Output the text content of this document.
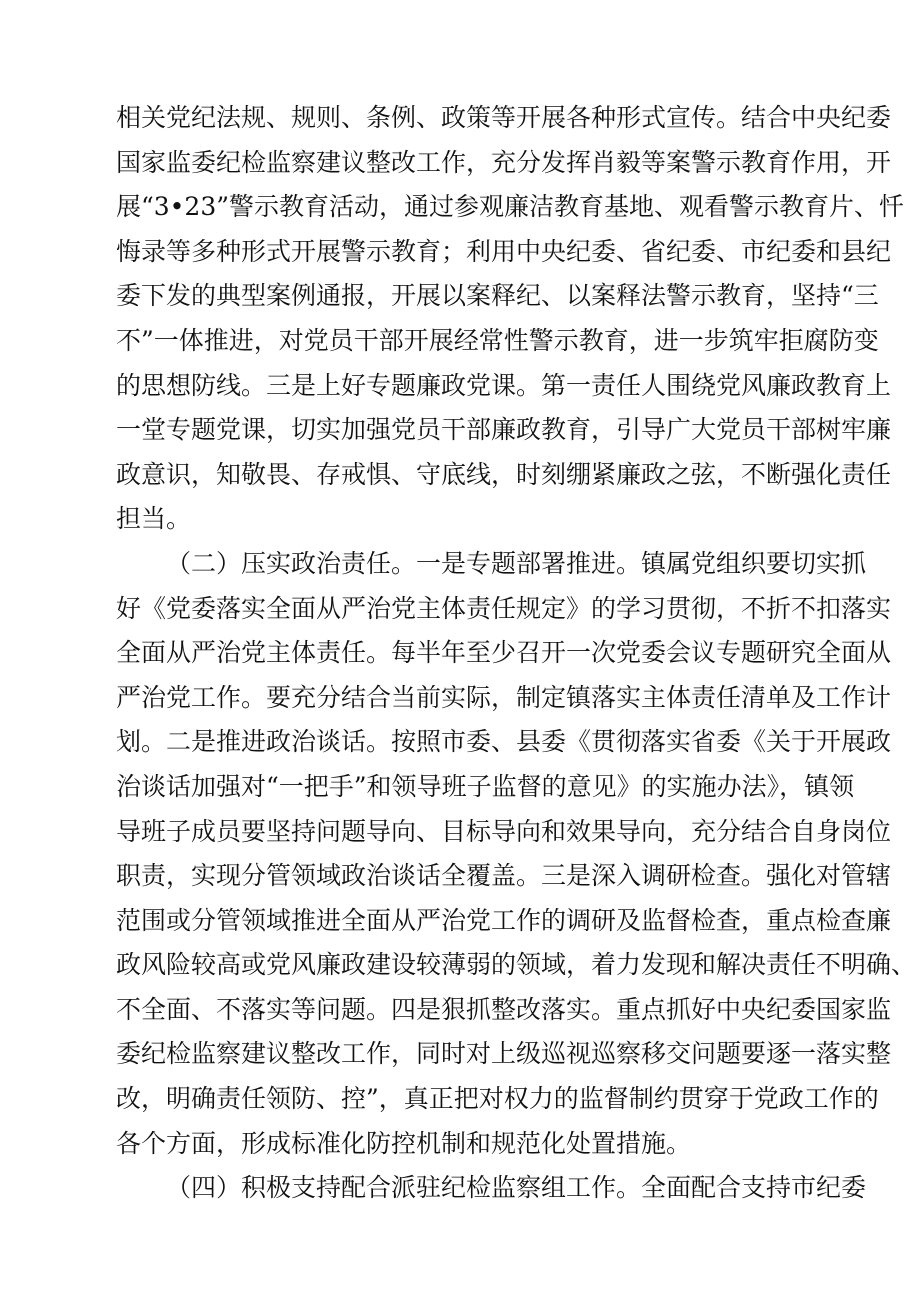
相关党纪法规、规则、条例、政策等开展各种形式宣传。结合中央纪委
国家监委纪检监察建议整改工作，充分发挥肖毅等案警示教育作用，开
展“3•23”警示教育活动，通过参观廉洁教育基地、观看警示教育片、忏
悔录等多种形式开展警示教育；利用中央纪委、省纪委、市纪委和县纪
委下发的典型案例通报，开展以案释纪、以案释法警示教育，坚持“三
不”一体推进，对党员干部开展经常性警示教育，进一步筑牢拒腐防变
的思想防线。三是上好专题廉政党课。第一责任人围绕党风廉政教育上
一堂专题党课，切实加强党员干部廉政教育，引导广大党员干部树牢廉
政意识，知敬畏、存戒惧、守底线，时刻绷紧廉政之弦，不断强化责任
担当。
（二）压实政治责任。一是专题部署推进。镇属党组织要切实抓
好《党委落实全面从严治党主体责任规定》的学习贯彻，不折不扣落实
全面从严治党主体责任。每半年至少召开一次党委会议专题研究全面从
严治党工作。要充分结合当前实际，制定镇落实主体责任清单及工作计
划。二是推进政治谈话。按照市委、县委《贯彻落实省委《关于开展政
治谈话加强对“一把手”和领导班子监督的意见》的实施办法》，镇领
导班子成员要坚持问题导向、目标导向和效果导向，充分结合自身岗位
职责，实现分管领域政治谈话全覆盖。三是深入调研检查。强化对管辖
范围或分管领域推进全面从严治党工作的调研及监督检查，重点检查廉
政风险较高或党风廉政建设较薄弱的领域，着力发现和解决责任不明确、
不全面、不落实等问题。四是狠抓整改落实。重点抓好中央纪委国家监
委纪检监察建议整改工作，同时对上级巡视巡察移交问题要逐一落实整
改，明确责任领防、控”，真正把对权力的监督制约贯穿于党政工作的
各个方面，形成标准化防控机制和规范化处置措施。
（四）积极支持配合派驻纪检监察组工作。全面配合支持市纪委
